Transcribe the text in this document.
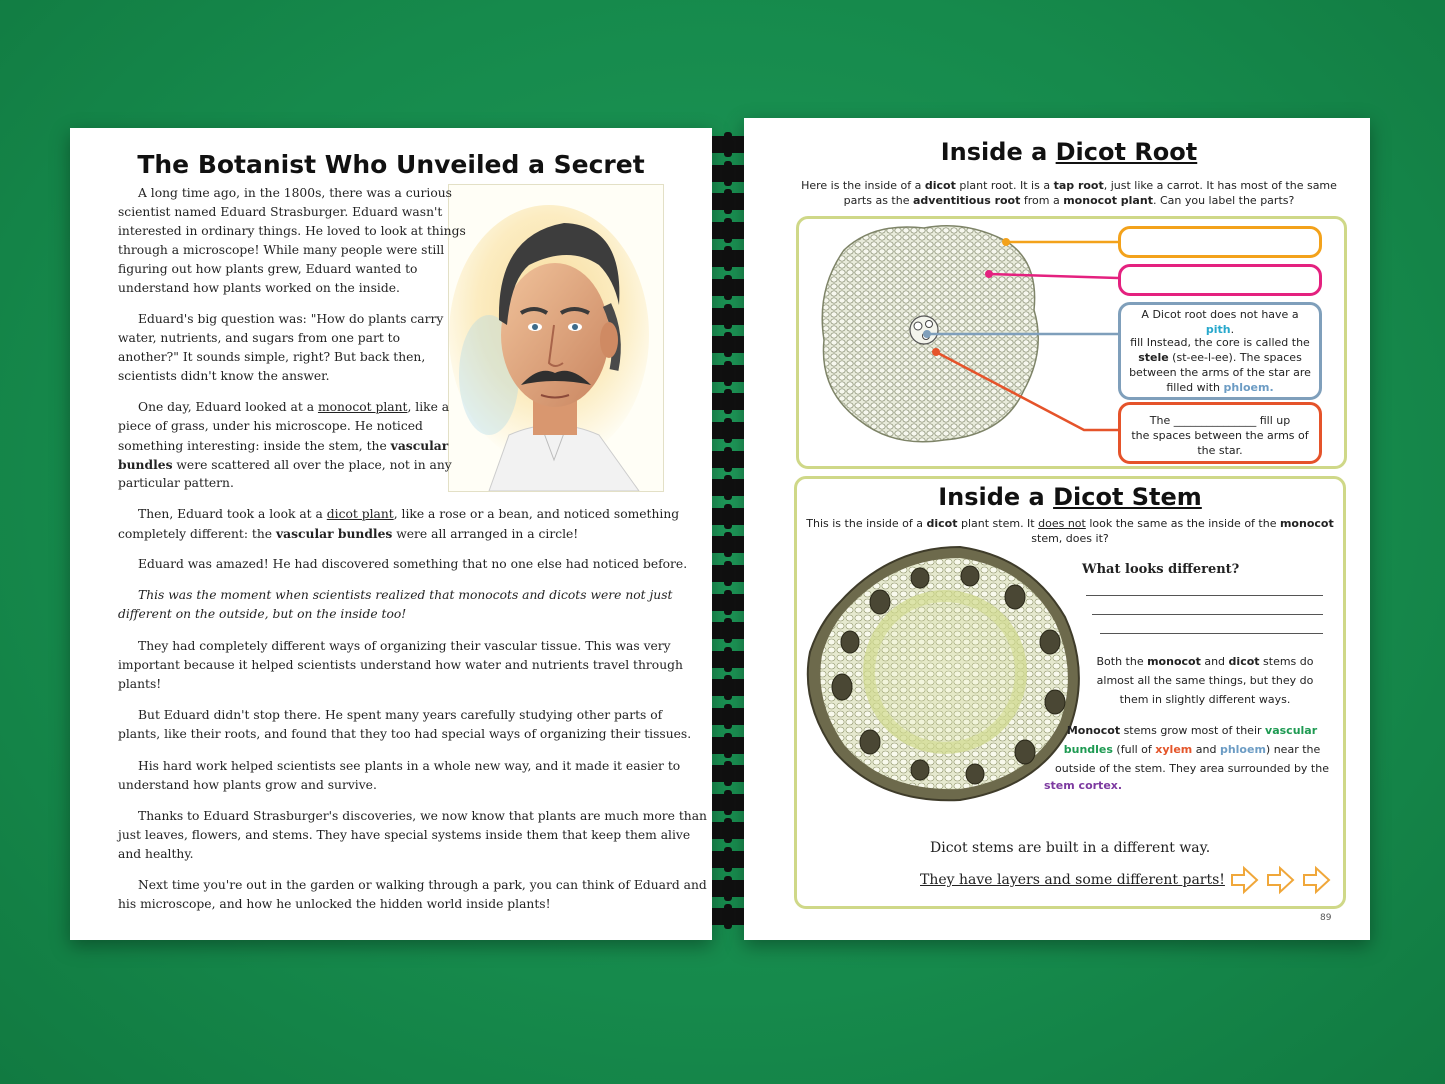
The Botanist Who Unveiled a Secret
A long time ago, in the 1800s, there was a curious
scientist named Eduard Strasburger. Eduard wasn't
interested in ordinary things. He loved to look at things
through a microscope! While many people were still
figuring out how plants grew, Eduard wanted to
understand how plants worked on the inside.
Eduard's big question was: "How do plants carry
water, nutrients, and sugars from one part to
another?" It sounds simple, right? But back then,
scientists didn't know the answer.
One day, Eduard looked at a monocot plant, like a
piece of grass, under his microscope. He noticed
something interesting: inside the stem, the vascular
bundles were scattered all over the place, not in any
particular pattern.
Then, Eduard took a look at a dicot plant, like a rose or a bean, and noticed something
completely different: the vascular bundles were all arranged in a circle!
Eduard was amazed! He had discovered something that no one else had noticed before.
This was the moment when scientists realized that monocots and dicots were not just
different on the outside, but on the inside too!
They had completely different ways of organizing their vascular tissue. This was very
important because it helped scientists understand how water and nutrients travel through
plants!
But Eduard didn't stop there. He spent many years carefully studying other parts of
plants, like their roots, and found that they too had special ways of organizing their tissues.
His hard work helped scientists see plants in a whole new way, and it made it easier to
understand how plants grow and survive.
Thanks to Eduard Strasburger's discoveries, we now know that plants are much more than
just leaves, flowers, and stems. They have special systems inside them that keep them alive
and healthy.
Next time you're out in the garden or walking through a park, you can think of Eduard and
his microscope, and how he unlocked the hidden world inside plants!
Inside a Dicot Root

Here is the inside of a dicot plant root. It is a tap root, just like a carrot. It has most of the same

parts as the adventitious root from a monocot plant. Can you label the parts?

A Dicot root does not have a pith.

fill Instead, the core is called the

stele (st-ee-l-ee). The spaces

between the arms of the star are

filled with phloem.

The _______________ fill up

the spaces between the arms of

the star.

Inside a Dicot Stem

This is the inside of a dicot plant stem. It does not look the same as the inside of the monocot

stem, does it?

What looks different?

Both the monocot and dicot stems do
almost all the same things, but they do
them in slightly different ways.

Monocot stems grow most of their vascular
bundles (full of xylem and phloem) near the
outside of the stem. They area surrounded by the

stem cortex.

Dicot stems are built in a different way.

They have layers and some different parts!

89
